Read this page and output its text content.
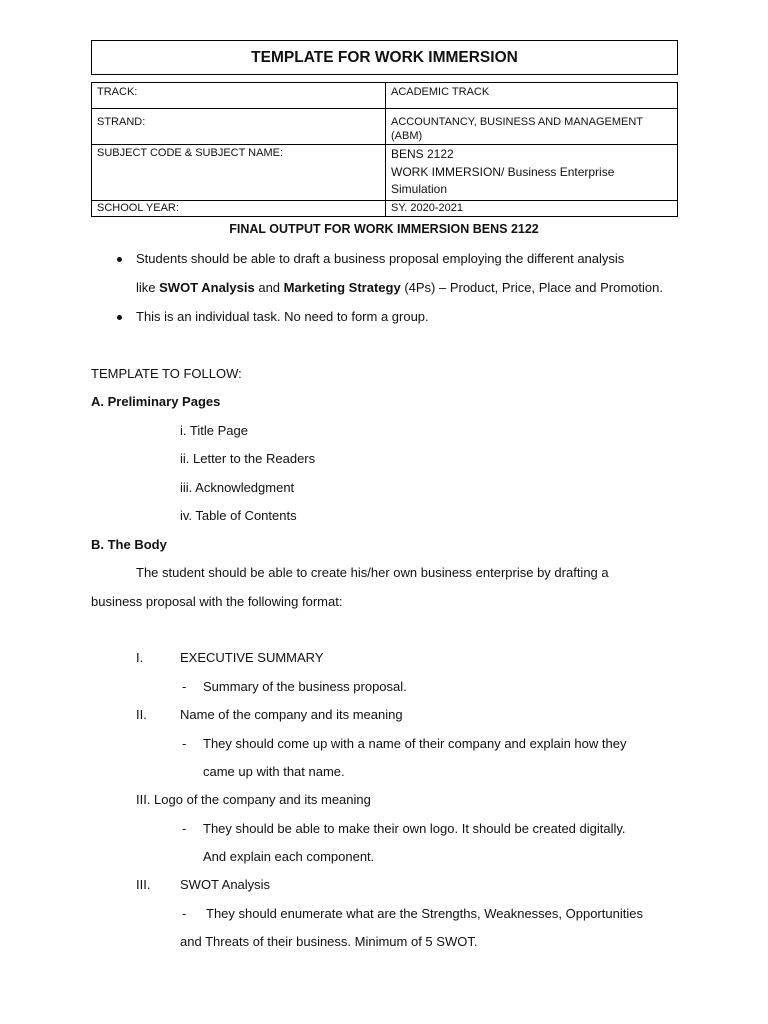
TEMPLATE FOR WORK IMMERSION
TRACK:	ACADEMIC TRACK
STRAND:	ACCOUNTANCY, BUSINESS AND MANAGEMENT (ABM)
SUBJECT CODE & SUBJECT NAME:	BENS 2122
WORK IMMERSION/ Business Enterprise
Simulation

SCHOOL YEAR:	SY. 2020-2021
FINAL OUTPUT FOR WORK IMMERSION BENS 2122
Students should be able to draft a business proposal employing the different analysis
like SWOT Analysis and Marketing Strategy (4Ps) – Product, Price, Place and Promotion.
This is an individual task. No need to form a group.
TEMPLATE TO FOLLOW:
A. Preliminary Pages
i. Title Page
ii. Letter to the Readers
iii. Acknowledgment
iv. Table of Contents
B. The Body
The student should be able to create his/her own business enterprise by drafting a
business proposal with the following format:
I.	EXECUTIVE SUMMARY
- Summary of the business proposal.
II.	Name of the company and its meaning
- They should come up with a name of their company and explain how they
came up with that name.
III. Logo of the company and its meaning
- They should be able to make their own logo. It should be created digitally.
And explain each component.
III. SWOT Analysis
- They should enumerate what are the Strengths, Weaknesses, Opportunities
and Threats of their business. Minimum of 5 SWOT.
